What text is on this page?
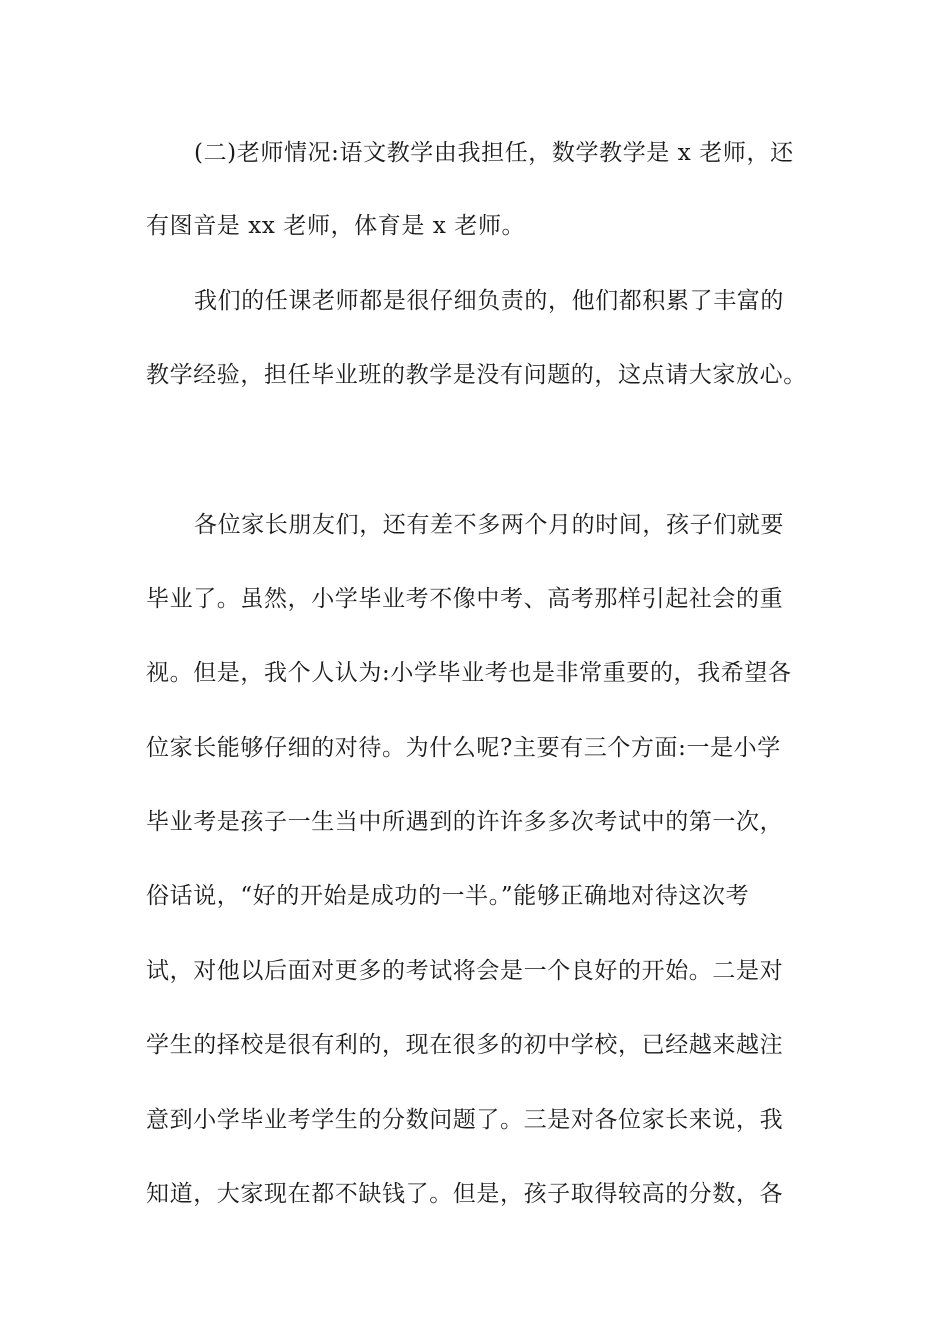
(二)老师情况:语文教学由我担任，数学教学是 x 老师，还
有图音是 xx 老师，体育是 x 老师。
我们的任课老师都是很仔细负责的，他们都积累了丰富的
教学经验，担任毕业班的教学是没有问题的，这点请大家放心。
各位家长朋友们，还有差不多两个月的时间，孩子们就要
毕业了。虽然，小学毕业考不像中考、高考那样引起社会的重
视。但是，我个人认为:小学毕业考也是非常重要的，我希望各
位家长能够仔细的对待。为什么呢?主要有三个方面:一是小学
毕业考是孩子一生当中所遇到的许许多多次考试中的第一次，
俗话说，“好的开始是成功的一半。”能够正确地对待这次考
试，对他以后面对更多的考试将会是一个良好的开始。二是对
学生的择校是很有利的，现在很多的初中学校，已经越来越注
意到小学毕业考学生的分数问题了。三是对各位家长来说，我
知道，大家现在都不缺钱了。但是，孩子取得较高的分数，各
